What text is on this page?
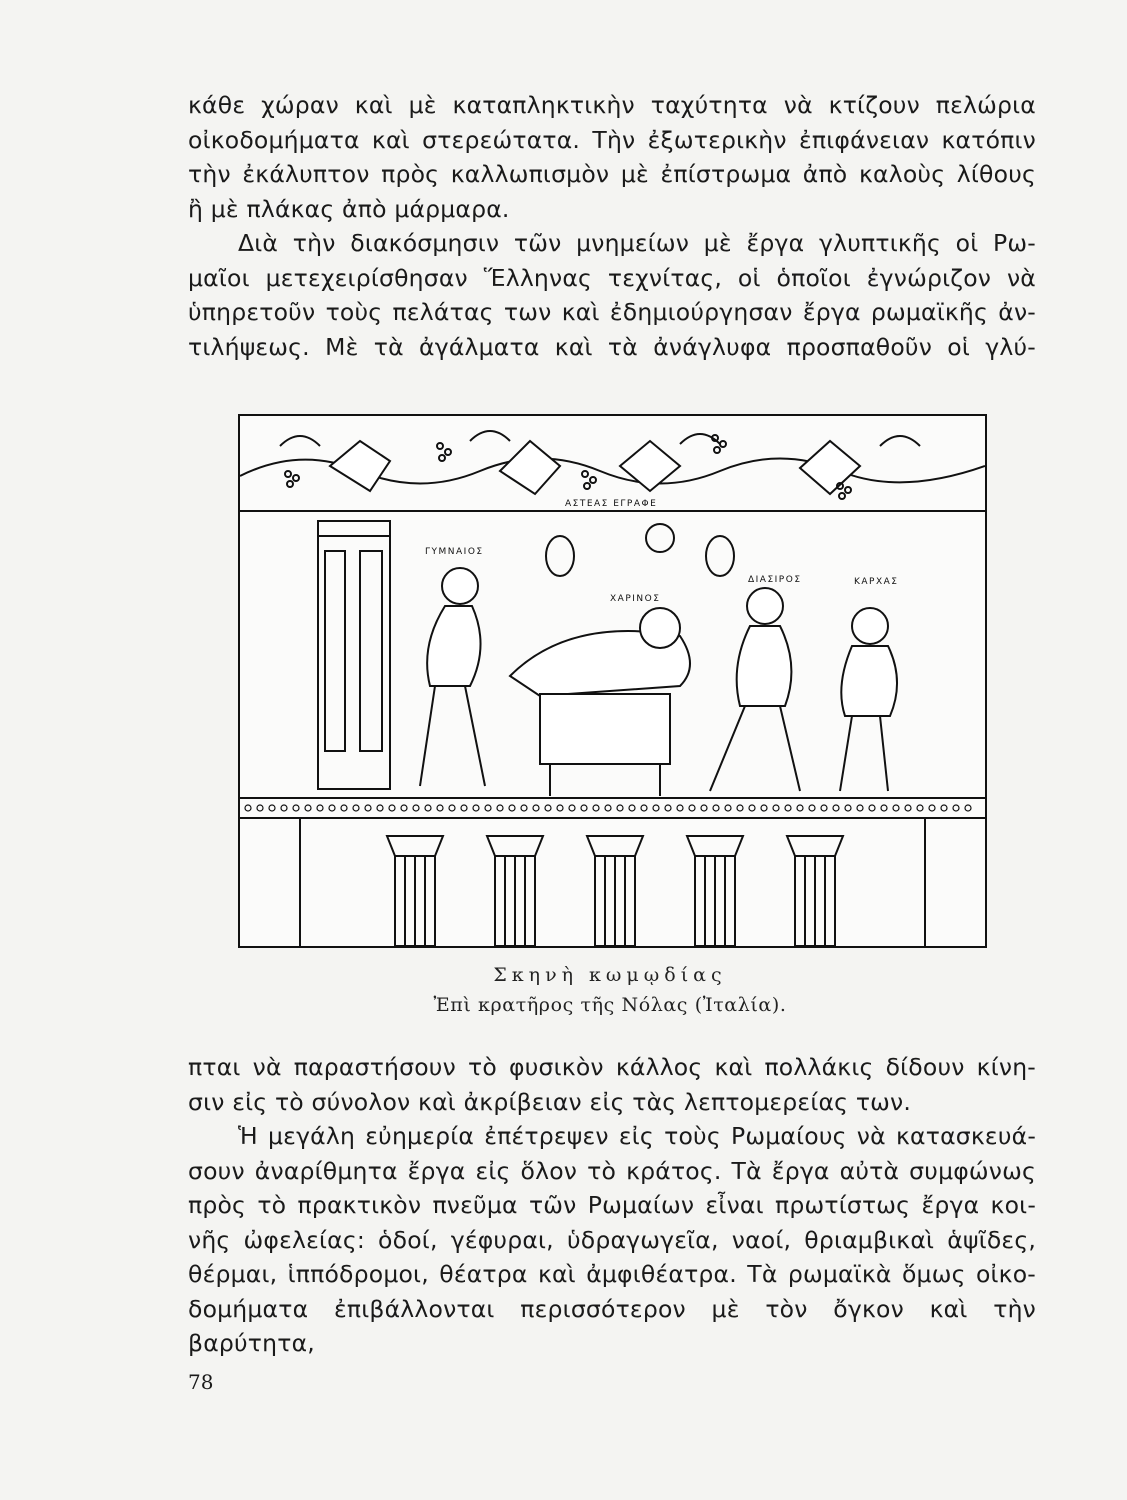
κάθε χώραν καὶ μὲ καταπληκτικὴν ταχύτητα νὰ κτίζουν πελώρια

οἰκοδομήματα καὶ στερεώτατα. Τὴν ἐξωτερικὴν ἐπιφάνειαν κατόπιν

τὴν ἐκάλυπτον πρὸς καλλωπισμὸν μὲ ἐπίστρωμα ἀπὸ καλοὺς λίθους

ἢ μὲ πλάκας ἀπὸ μάρμαρα.

Διὰ τὴν διακόσμησιν τῶν μνημείων μὲ ἔργα γλυπτικῆς οἱ Ρω-

μαῖοι μετεχειρίσθησαν Ἕλληνας τεχνίτας, οἱ ὁποῖοι ἐγνώριζον νὰ

ὑπηρετοῦν τοὺς πελάτας των καὶ ἐδημιούργησαν ἔργα ρωμαϊκῆς ἀν-

τιλήψεως. Μὲ τὰ ἀγάλματα καὶ τὰ ἀνάγλυφα προσπαθοῦν οἱ γλύ-

ΑΣΤΕΑΣ ΕΓΡΑΦΕ
ΓΥΜΝΑΙΟΣ
ΧΑΡΙΝΟΣ
ΔΙΑΣΙΡΟΣ	ΚΑΡΧΑΣ
Σκηνὴ κωμῳδίας
Ἐπὶ κρατῆρος τῆς Νόλας (Ἰταλία).

πται νὰ παραστήσουν τὸ φυσικὸν κάλλος καὶ πολλάκις δίδουν κίνη-

σιν εἰς τὸ σύνολον καὶ ἀκρίβειαν εἰς τὰς λεπτομερείας των.

Ἡ μεγάλη εὐημερία ἐπέτρεψεν εἰς τοὺς Ρωμαίους νὰ κατασκευά-

σουν ἀναρίθμητα ἔργα εἰς ὅλον τὸ κράτος. Τὰ ἔργα αὐτὰ συμφώνως

πρὸς τὸ πρακτικὸν πνεῦμα τῶν Ρωμαίων εἶναι πρωτίστως ἔργα κοι-

νῆς ὠφελείας: ὁδοί, γέφυραι, ὑδραγωγεῖα, ναοί, θριαμβικαὶ ἁψῖδες,

θέρμαι, ἱππόδρομοι, θέατρα καὶ ἀμφιθέατρα. Τὰ ρωμαϊκὰ ὅμως οἰκο-

δομήματα ἐπιβάλλονται περισσότερον μὲ τὸν ὄγκον καὶ τὴν βαρύτητα,

78
